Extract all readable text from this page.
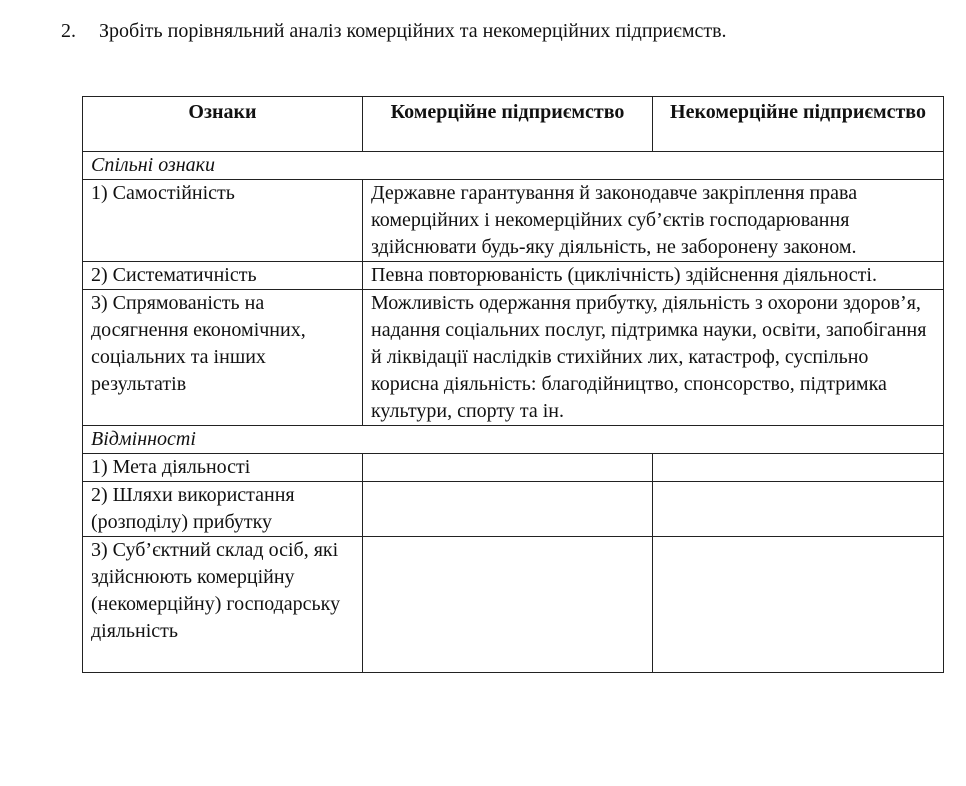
2. Зробіть порівняльний аналіз комерційних та некомерційних підприємств.
Ознаки	Комерційне підприємство	Некомерційне підприємство
Спільні ознаки		
1) Самостійність	Державне гарантування й законодавче закріплення права комерційних і некомерційних суб’єктів господарювання здійснювати будь-яку діяльність, не заборонену законом.	
2) Систематичність	Певна повторюваність (циклічність) здійснення діяльності.	
3) Спрямованість на досягнення економічних, соціальних та інших результатів	Можливість одержання прибутку, діяльність з охорони здоров’я, надання соціальних послуг, підтримка науки, освіти, запобігання й ліквідації наслідків стихійних лих, катастроф, суспільно корисна діяльність: благодійництво, спонсорство, підтримка культури, спорту та ін.	
Відмінності		
1) Мета діяльності		
2) Шляхи використання (розподілу) прибутку		
3) Суб’єктний склад осіб, які здійснюють комерційну (некомерційну) господарську діяльність		
